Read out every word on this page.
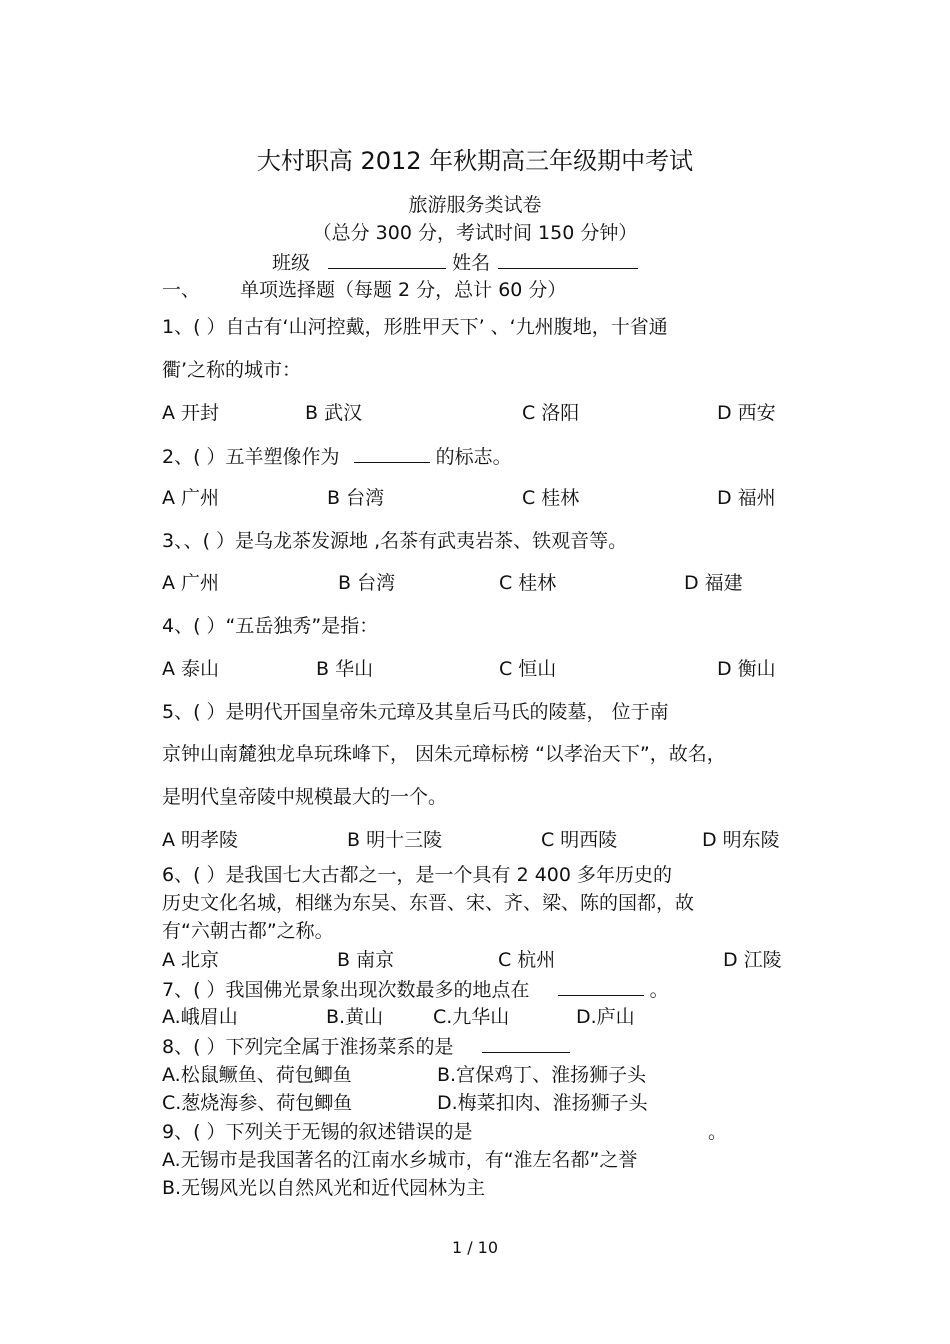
大村职高 2012 年秋期高三年级期中考试
旅游服务类试卷
（总分 300 分，考试时间 150 分钟）
班级	姓名
一、 单项选择题（每题 2 分，总计 60 分）
1、( ）自古有‘山河控戴，形胜甲天下’ 、‘九州腹地，十省通
衢’之称的城市：
A 开封	B 武汉	C 洛阳	D 西安
2、( ）五羊塑像作为	的标志。
A 广州	B 台湾	C 桂林	D 福州
3、、( ）是乌龙茶发源地 ,名茶有武夷岩茶、铁观音等。
A 广州	B 台湾	C 桂林	D 福建
4、( ）“五岳独秀”是指：
A 泰山	B 华山	C 恒山	D 衡山
5、( ）是明代开国皇帝朱元璋及其皇后马氏的陵墓， 位于南
京钟山南麓独龙阜玩珠峰下， 因朱元璋标榜 “以孝治天下”，故名，
是明代皇帝陵中规模最大的一个。
A 明孝陵	B 明十三陵	C 明西陵	D 明东陵
6、( ）是我国七大古都之一，是一个具有 2 400 多年历史的
历史文化名城，相继为东吴、东晋、宋、齐、梁、陈的国都，故
有“六朝古都”之称。
A 北京	B 南京	C 杭州	D 江陵
7、( ）我国佛光景象出现次数最多的地点在	。
A.峨眉山	B.黄山	C.九华山	D.庐山
8、( ）下列完全属于淮扬菜系的是
A.松鼠鳜鱼、荷包鲫鱼	B.宫保鸡丁、淮扬狮子头
C.葱烧海参、荷包鲫鱼	D.梅菜扣肉、淮扬狮子头
9、( ）下列关于无锡的叙述错误的是	。
A.无锡市是我国著名的江南水乡城市，有“淮左名都”之誉
B.无锡风光以自然风光和近代园林为主
1 / 10
